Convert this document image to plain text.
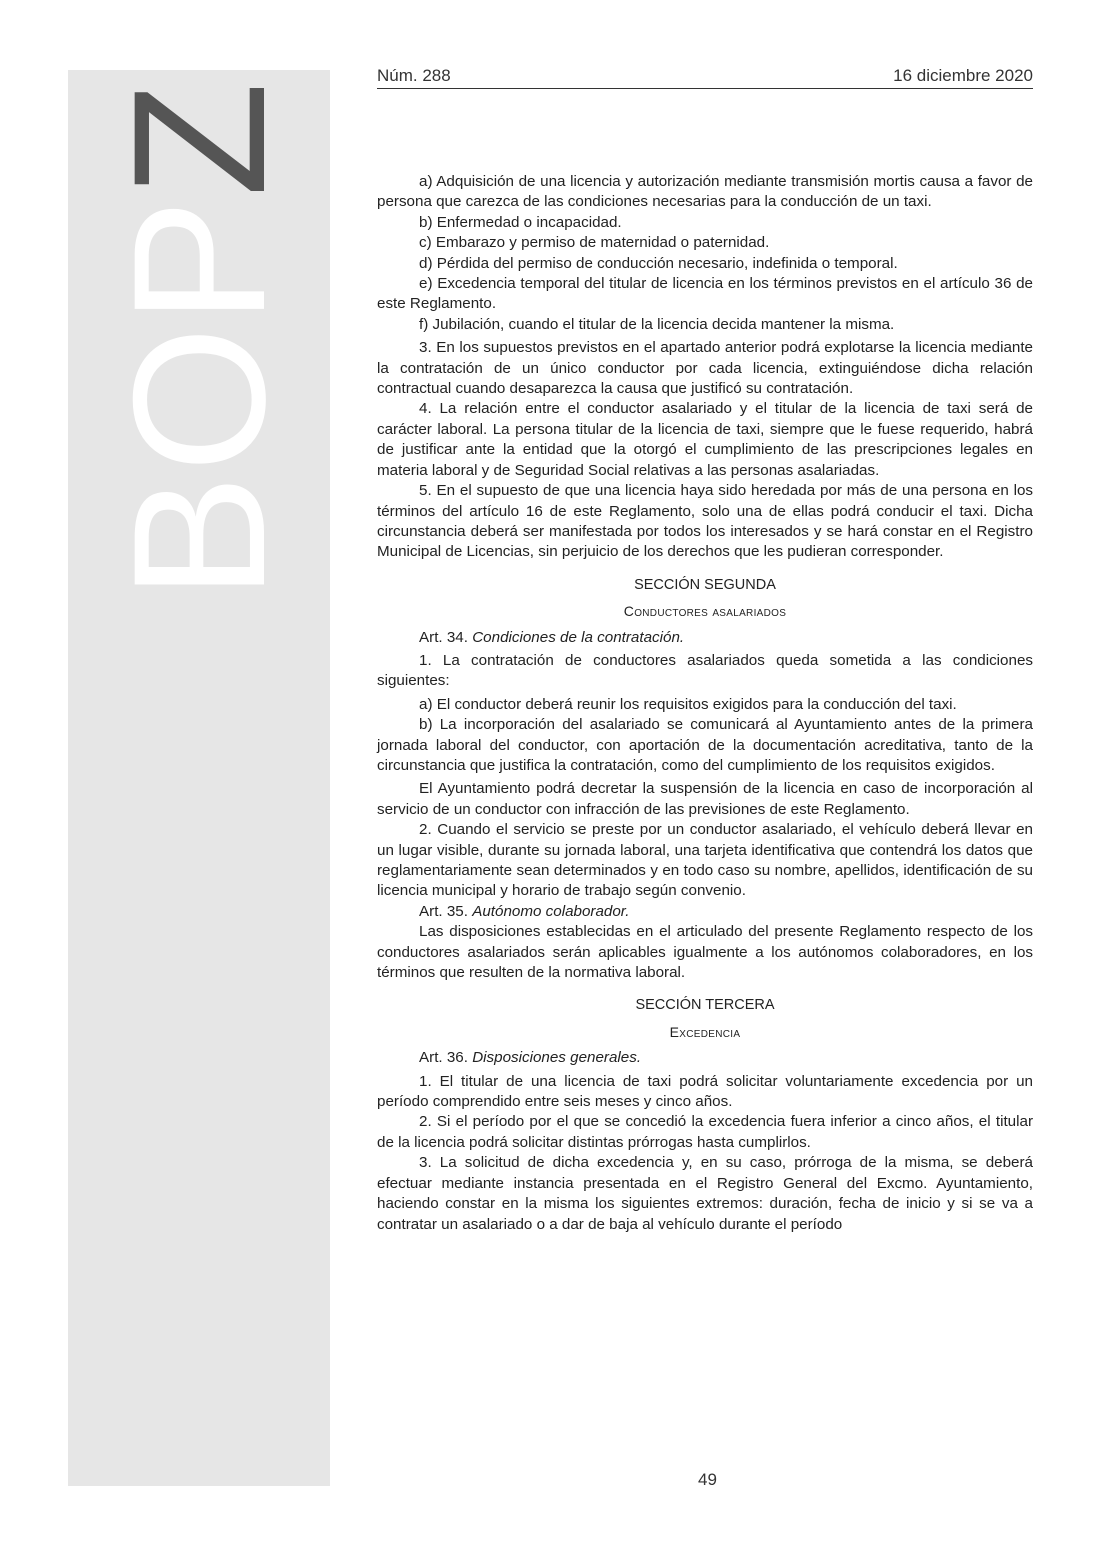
BOPZ
Núm. 288	16 diciembre 2020

a) Adquisición de una licencia y autorización mediante transmisión mortis causa a favor de persona que carezca de las condiciones necesarias para la conducción de un taxi.

b) Enfermedad o incapacidad.

c) Embarazo y permiso de maternidad o paternidad.

d) Pérdida del permiso de conducción necesario, indefinida o temporal.

e) Excedencia temporal del titular de licencia en los términos previstos en el artículo 36 de este Reglamento.

f) Jubilación, cuando el titular de la licencia decida mantener la misma.

3. En los supuestos previstos en el apartado anterior podrá explotarse la licencia mediante la contratación de un único conductor por cada licencia, extinguiéndose dicha relación contractual cuando desaparezca la causa que justificó su contratación.

4. La relación entre el conductor asalariado y el titular de la licencia de taxi será de carácter laboral. La persona titular de la licencia de taxi, siempre que le fuese requerido, habrá de justificar ante la entidad que la otorgó el cumplimiento de las prescripciones legales en materia laboral y de Seguridad Social relativas a las personas asalariadas.

5. En el supuesto de que una licencia haya sido heredada por más de una persona en los términos del artículo 16 de este Reglamento, solo una de ellas podrá conducir el taxi. Dicha circunstancia deberá ser manifestada por todos los interesados y se hará constar en el Registro Municipal de Licencias, sin perjuicio de los derechos que les pudieran corresponder.

SECCIÓN SEGUNDA
Conductores asalariados

Art. 34. Condiciones de la contratación.

1. La contratación de conductores asalariados queda sometida a las condiciones siguientes:

a) El conductor deberá reunir los requisitos exigidos para la conducción del taxi.

b) La incorporación del asalariado se comunicará al Ayuntamiento antes de la primera jornada laboral del conductor, con aportación de la documentación acreditativa, tanto de la circunstancia que justifica la contratación, como del cumplimiento de los requisitos exigidos.

El Ayuntamiento podrá decretar la suspensión de la licencia en caso de incorporación al servicio de un conductor con infracción de las previsiones de este Reglamento.

2. Cuando el servicio se preste por un conductor asalariado, el vehículo deberá llevar en un lugar visible, durante su jornada laboral, una tarjeta identificativa que contendrá los datos que reglamentariamente sean determinados y en todo caso su nombre, apellidos, identificación de su licencia municipal y horario de trabajo según convenio.

Art. 35. Autónomo colaborador.

Las disposiciones establecidas en el articulado del presente Reglamento respecto de los conductores asalariados serán aplicables igualmente a los autónomos colaboradores, en los términos que resulten de la normativa laboral.

SECCIÓN TERCERA
Excedencia

Art. 36. Disposiciones generales.

1. El titular de una licencia de taxi podrá solicitar voluntariamente excedencia por un período comprendido entre seis meses y cinco años.

2. Si el período por el que se concedió la excedencia fuera inferior a cinco años, el titular de la licencia podrá solicitar distintas prórrogas hasta cumplirlos.

3. La solicitud de dicha excedencia y, en su caso, prórroga de la misma, se deberá efectuar mediante instancia presentada en el Registro General del Excmo. Ayuntamiento, haciendo constar en la misma los siguientes extremos: duración, fecha de inicio y si se va a contratar un asalariado o a dar de baja al vehículo durante el período

49
